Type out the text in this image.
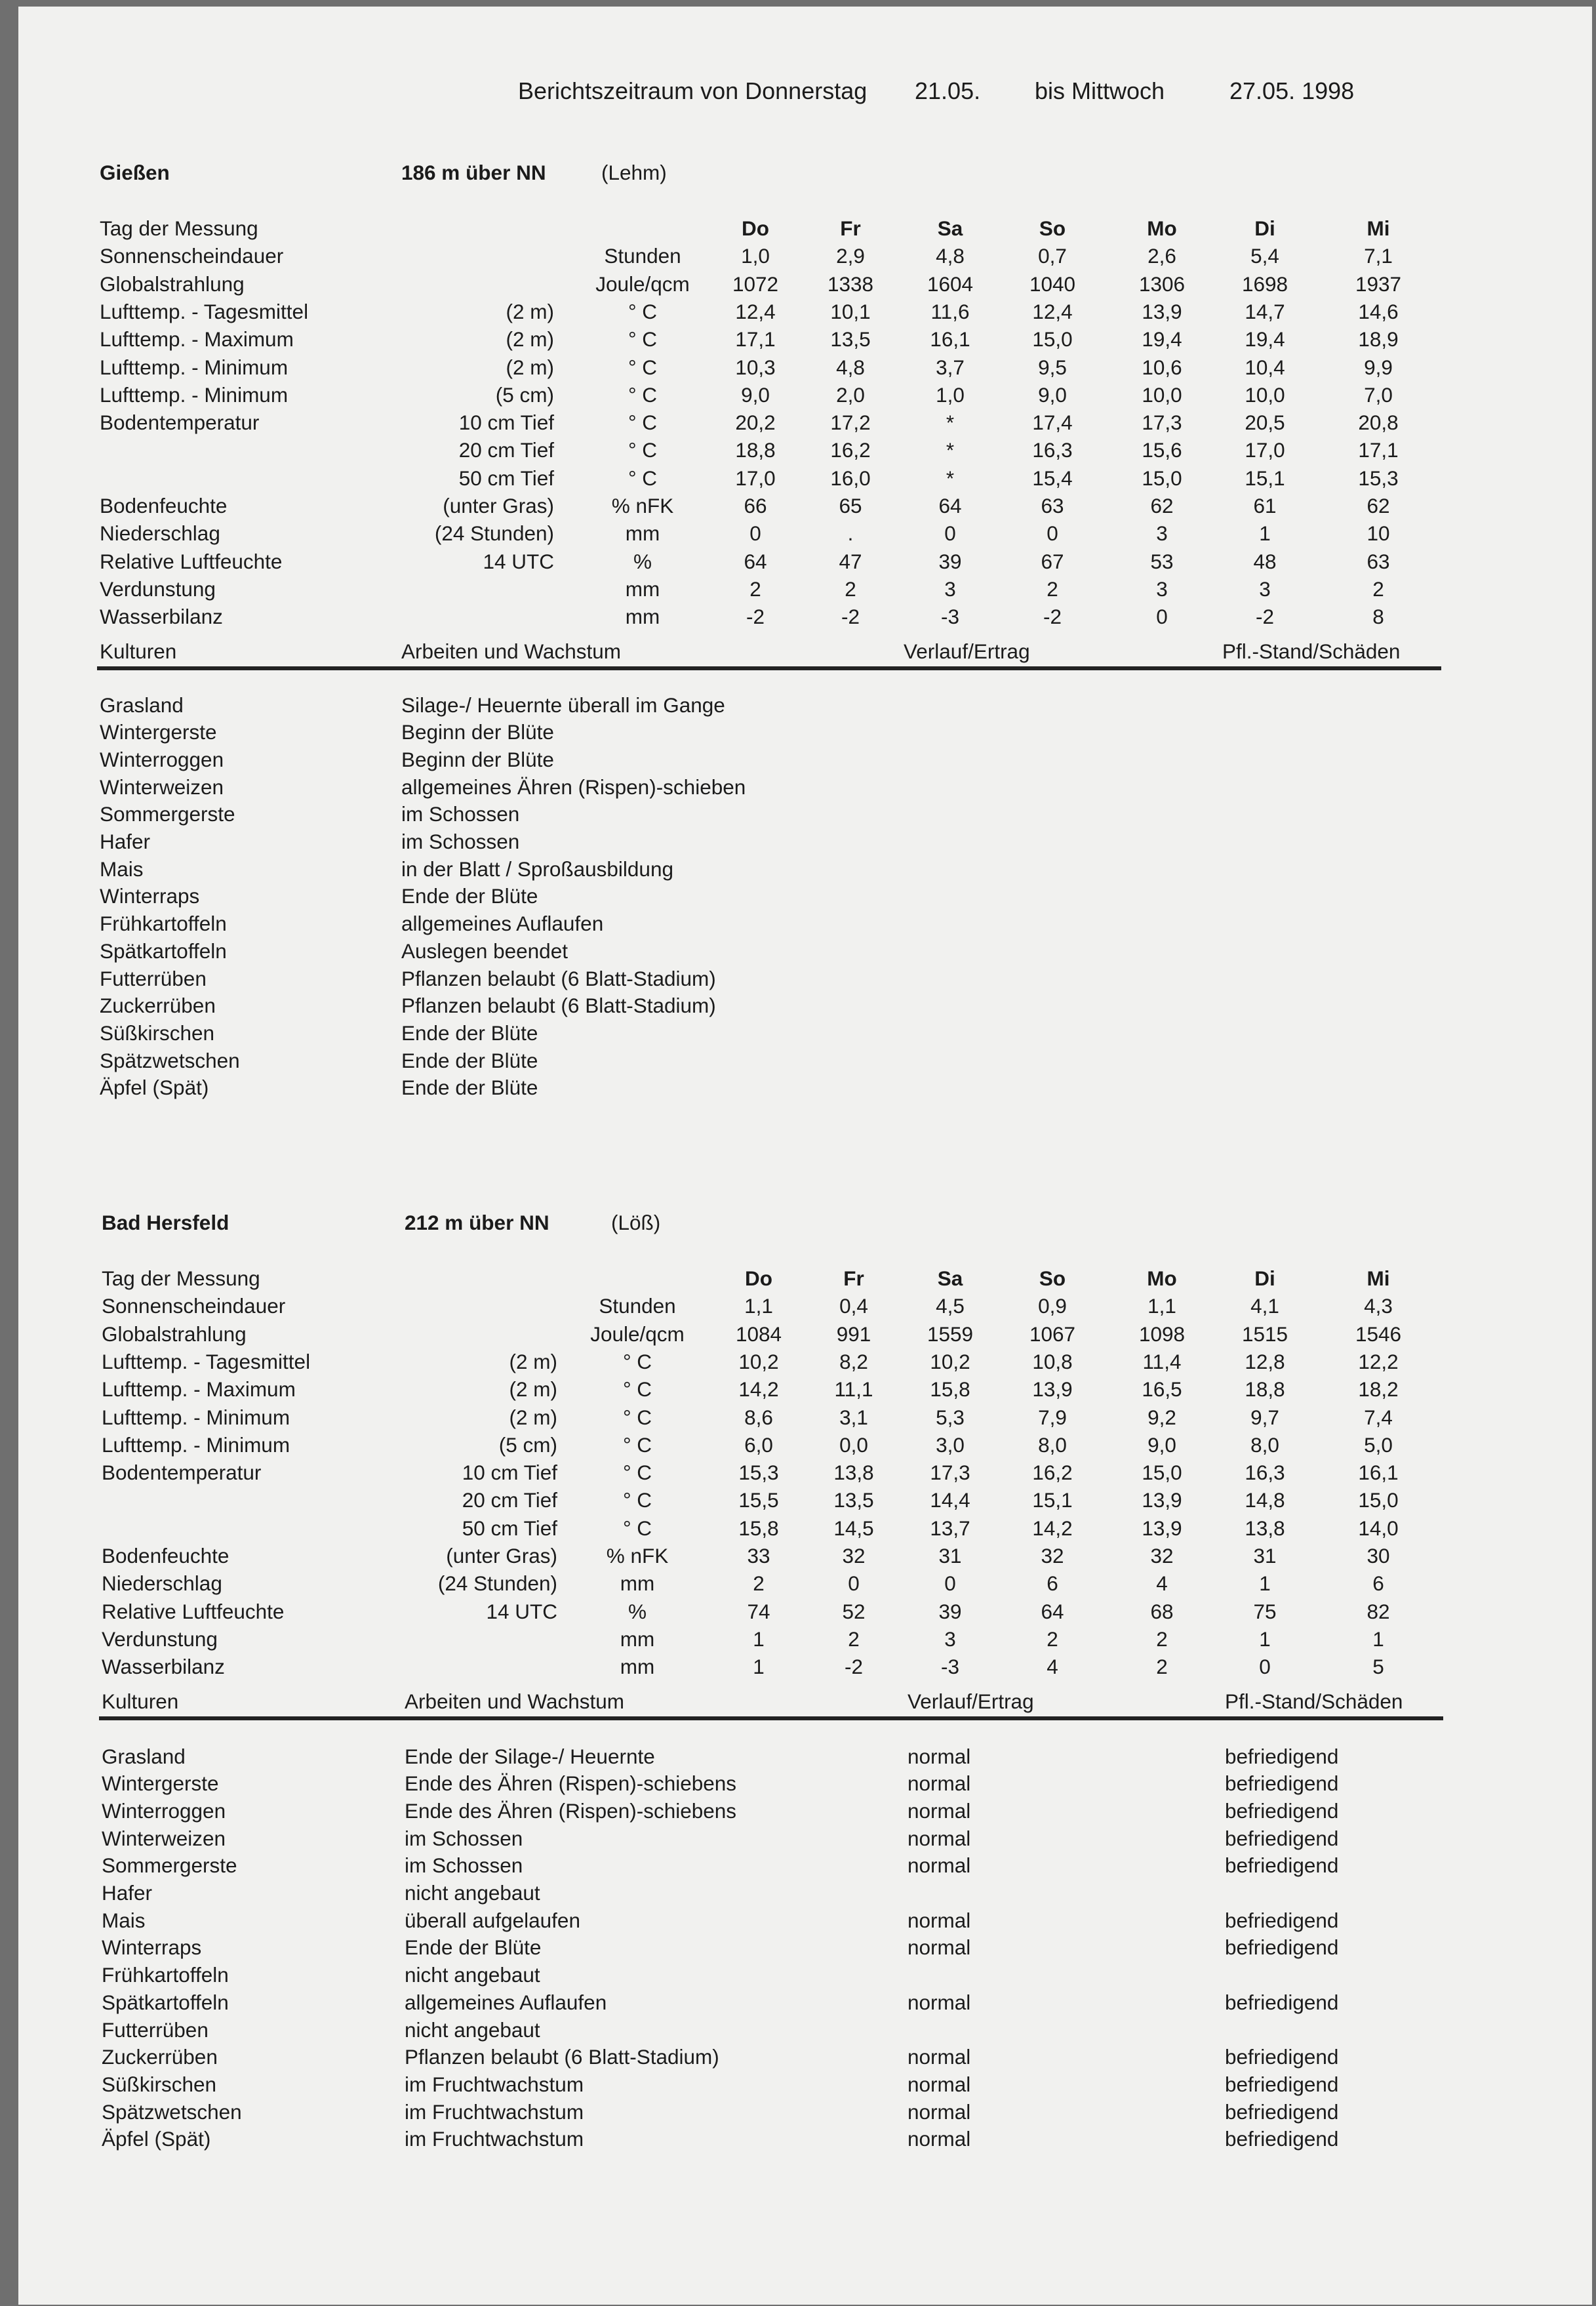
Berichtszeitraum von Donnerstag 21.05. bis Mittwoch	27.05. 1998
Gießen	186 m über NN	(Lehm)
Tag der Messung	Do	Fr	Sa	So	Mo	Di	Mi
Sonnenscheindauer	Stunden	1,0	2,9	4,8	0,7	2,6	5,4	7,1
Globalstrahlung	Joule/qcm	1072	1338	1604	1040	1306	1698	1937
Lufttemp. - Tagesmittel	(2 m)	° C	12,4	10,1	11,6	12,4	13,9	14,7	14,6
Lufttemp. - Maximum	(2 m)	° C	17,1	13,5	16,1	15,0	19,4	19,4	18,9
Lufttemp. - Minimum	(2 m)	° C	10,3	4,8	3,7	9,5	10,6	10,4	9,9
Lufttemp. - Minimum	(5 cm)	° C	9,0	2,0	1,0	9,0	10,0	10,0	7,0
Bodentemperatur	10 cm Tief	° C	20,2	17,2	*	17,4	17,3	20,5	20,8
20 cm Tief	° C	18,8	16,2	*	16,3	15,6	17,0	17,1
50 cm Tief	° C	17,0	16,0	*	15,4	15,0	15,1	15,3
Bodenfeuchte	(unter Gras)	% nFK	66	65	64	63	62	61	62
Niederschlag	(24 Stunden)	mm	0	.	0	0	3	1	10
Relative Luftfeuchte	14 UTC	%	64	47	39	67	53	48	63
Verdunstung	mm	2	2	3	2	3	3	2
Wasserbilanz	mm	-2	-2	-3	-2	0	-2	8
Kulturen	Arbeiten und Wachstum	Verlauf/Ertrag	Pfl.-Stand/Schäden
Grasland	Silage-/ Heuernte überall im Gange
Wintergerste	Beginn der Blüte
Winterroggen	Beginn der Blüte
Winterweizen	allgemeines Ähren (Rispen)-schieben
Sommergerste	im Schossen
Hafer	im Schossen
Mais	in der Blatt / Sproßausbildung
Winterraps	Ende der Blüte
Frühkartoffeln	allgemeines Auflaufen
Spätkartoffeln	Auslegen beendet
Futterrüben	Pflanzen belaubt (6 Blatt-Stadium)
Zuckerrüben	Pflanzen belaubt (6 Blatt-Stadium)
Süßkirschen	Ende der Blüte
Spätzwetschen	Ende der Blüte
Äpfel (Spät)	Ende der Blüte
Bad Hersfeld	212 m über NN	(Löß)
Tag der Messung	Do	Fr	Sa	So	Mo	Di	Mi
Sonnenscheindauer	Stunden	1,1	0,4	4,5	0,9	1,1	4,1	4,3
Globalstrahlung	Joule/qcm	1084	991	1559	1067	1098	1515	1546
Lufttemp. - Tagesmittel	(2 m)	° C	10,2	8,2	10,2	10,8	11,4	12,8	12,2
Lufttemp. - Maximum	(2 m)	° C	14,2	11,1	15,8	13,9	16,5	18,8	18,2
Lufttemp. - Minimum	(2 m)	° C	8,6	3,1	5,3	7,9	9,2	9,7	7,4
Lufttemp. - Minimum	(5 cm)	° C	6,0	0,0	3,0	8,0	9,0	8,0	5,0
Bodentemperatur	10 cm Tief	° C	15,3	13,8	17,3	16,2	15,0	16,3	16,1
20 cm Tief	° C	15,5	13,5	14,4	15,1	13,9	14,8	15,0
50 cm Tief	° C	15,8	14,5	13,7	14,2	13,9	13,8	14,0
Bodenfeuchte	(unter Gras)	% nFK	33	32	31	32	32	31	30
Niederschlag	(24 Stunden)	mm	2	0	0	6	4	1	6
Relative Luftfeuchte	14 UTC	%	74	52	39	64	68	75	82
Verdunstung	mm	1	2	3	2	2	1	1
Wasserbilanz	mm	1	-2	-3	4	2	0	5
Kulturen	Arbeiten und Wachstum	Verlauf/Ertrag	Pfl.-Stand/Schäden
Grasland	Ende der Silage-/ Heuernte	normal	befriedigend
Wintergerste	Ende des Ähren (Rispen)-schiebens	normal	befriedigend
Winterroggen	Ende des Ähren (Rispen)-schiebens	normal	befriedigend
Winterweizen	im Schossen	normal	befriedigend
Sommergerste	im Schossen	normal	befriedigend
Hafer	nicht angebaut
Mais	überall aufgelaufen	normal	befriedigend
Winterraps	Ende der Blüte	normal	befriedigend
Frühkartoffeln	nicht angebaut
Spätkartoffeln	allgemeines Auflaufen	normal	befriedigend
Futterrüben	nicht angebaut
Zuckerrüben	Pflanzen belaubt (6 Blatt-Stadium)	normal	befriedigend
Süßkirschen	im Fruchtwachstum	normal	befriedigend
Spätzwetschen	im Fruchtwachstum	normal	befriedigend
Äpfel (Spät)	im Fruchtwachstum	normal	befriedigend
